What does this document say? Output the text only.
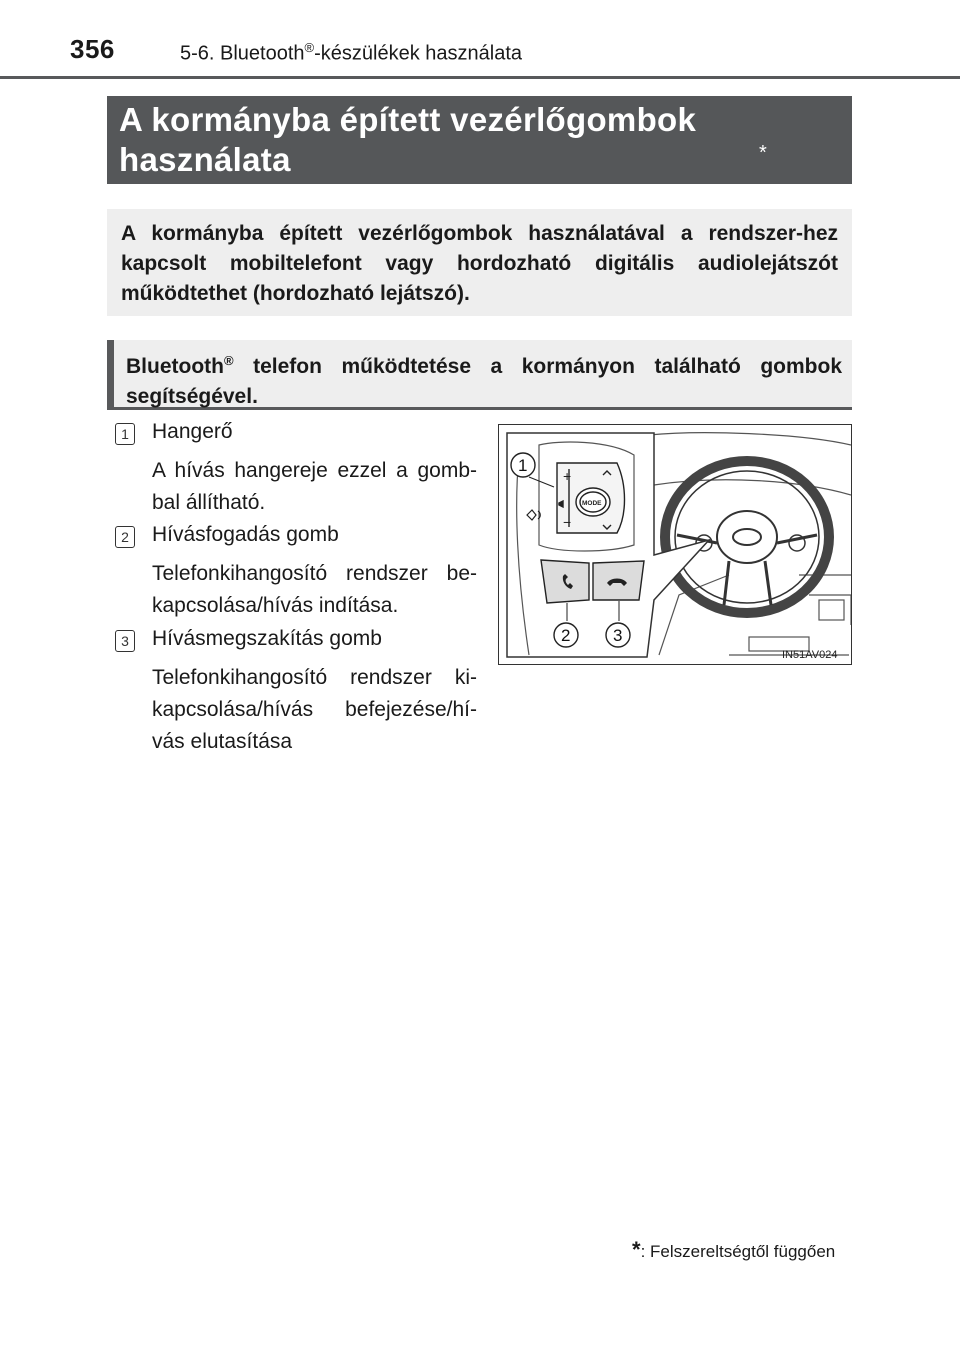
356	5-6. Bluetooth®-készülékek használata
A kormányba épített vezérlőgombok használata	*
A kormányba épített vezérlőgombok használatával a rendszer-hez kapcsolt mobiltelefont vagy hordozható digitális audiolejátszót működtethet (hordozható lejátszó).
Bluetooth® telefon működtetése a kormányon található gombok segítségével.
1 Hangerő
A hívás hangereje ezzel a gomb-bal állítható.
2 Hívásfogadás gomb
Telefonkihangosító rendszer be-kapcsolása/hívás indítása.
3 Hívásmegszakítás gomb
Telefonkihangosító rendszer ki-kapcsolása/hívás befejezése/hí-vás elutasítása
+
−
MODE
1
2	3
IN51AV024
*: Felszereltségtől függően
